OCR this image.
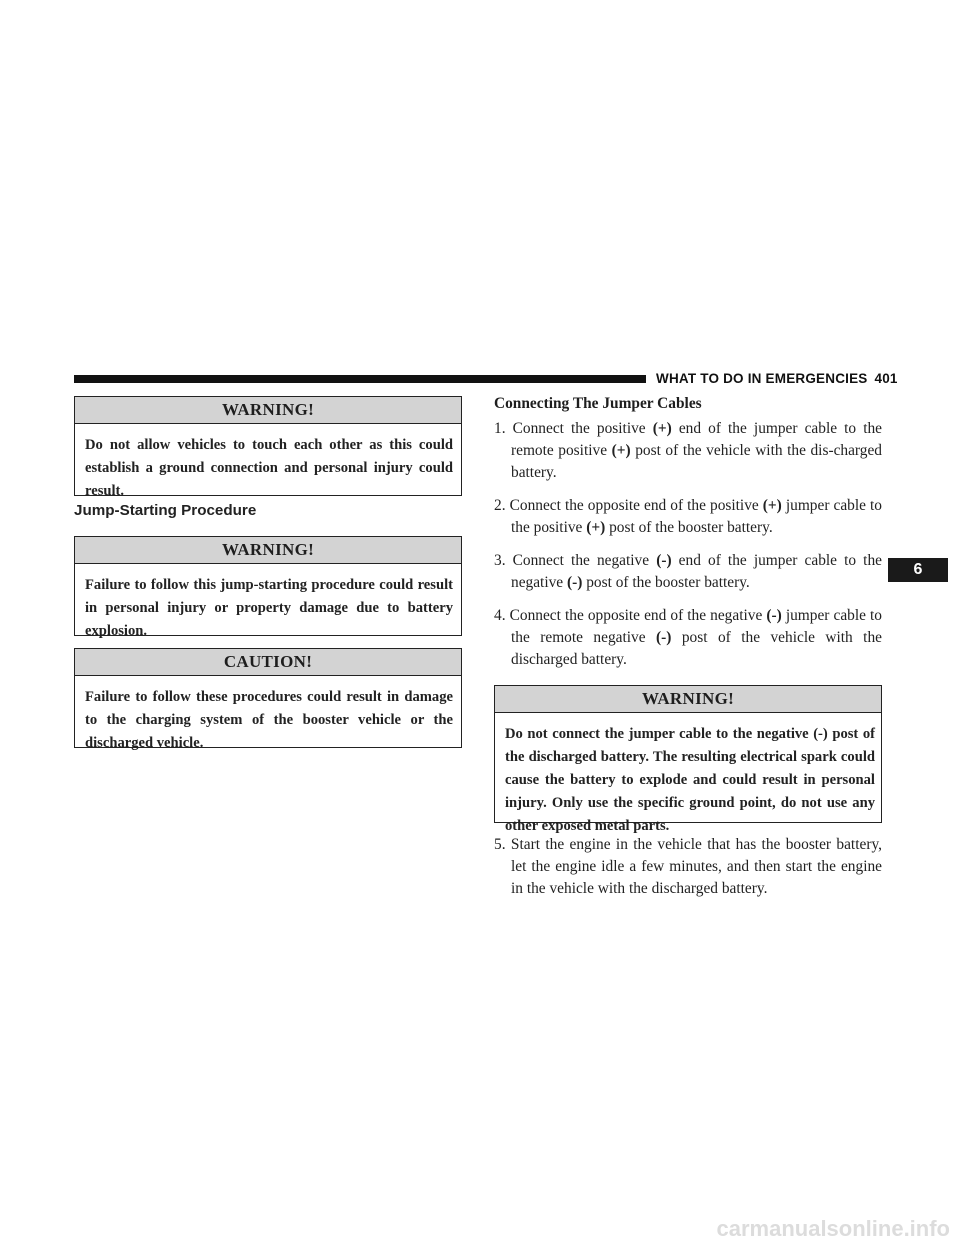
WHAT TO DO IN EMERGENCIES 401
WARNING!
Do not allow vehicles to touch each other as this could establish a ground connection and personal injury could result.
Jump-Starting Procedure
WARNING!
Failure to follow this jump-starting procedure could result in personal injury or property damage due to battery explosion.
CAUTION!
Failure to follow these procedures could result in damage to the charging system of the booster vehicle or the discharged vehicle.
Connecting The Jumper Cables
1. Connect the positive (+) end of the jumper cable to the remote positive (+) post of the vehicle with the dis-charged battery.
2. Connect the opposite end of the positive (+) jumper cable to the positive (+) post of the booster battery.
3. Connect the negative (-) end of the jumper cable to the negative (-) post of the booster battery.
4. Connect the opposite end of the negative (-) jumper cable to the remote negative (-) post of the vehicle with the discharged battery.
WARNING!
Do not connect the jumper cable to the negative (-) post of the discharged battery. The resulting electrical spark could cause the battery to explode and could result in personal injury. Only use the specific ground point, do not use any other exposed metal parts.
5. Start the engine in the vehicle that has the booster battery, let the engine idle a few minutes, and then start the engine in the vehicle with the discharged battery.
6
carmanualsonline.info
